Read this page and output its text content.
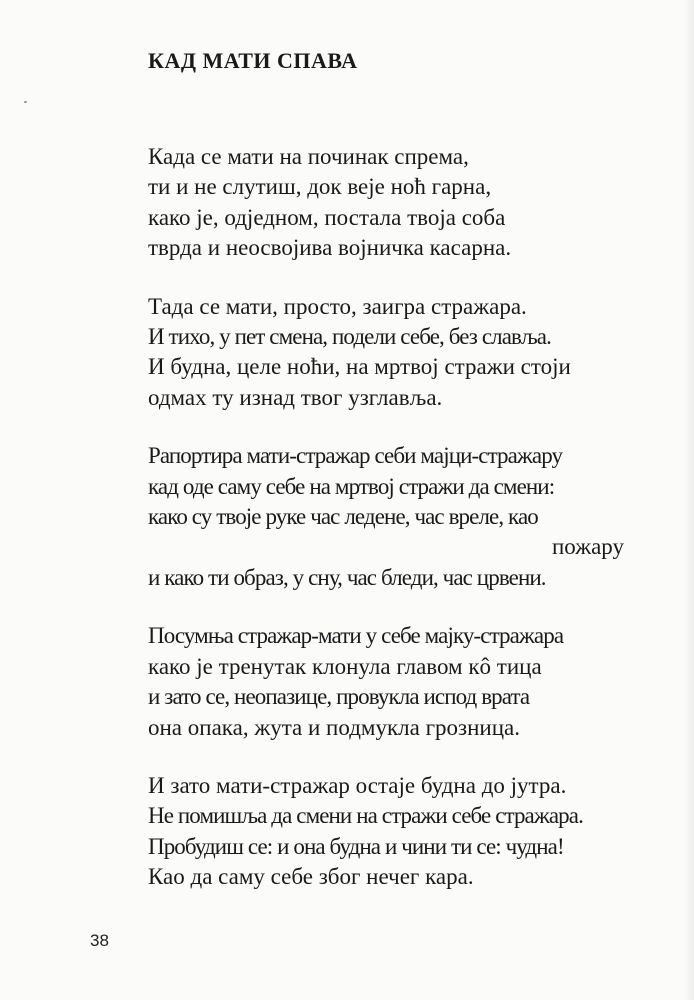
КАД МАТИ СПАВА
Када се мати на починак спрема,
ти и не слутиш, док веје ноћ гарна,
како је, одједном, постала твоја соба
тврда и неосвојива војничка касарна.
Тада се мати, просто, заигра стражара.
И тихо, у пет смена, подели себе, без славља.
И будна, целе ноћи, на мртвој стражи стоји
одмах ту изнад твог узглавља.
Рапортира мати-стражар себи мајци-стражару
кад оде саму себе на мртвој стражи да смени:
како су твоје руке час ледене, час вреле, као
пожару
и како ти образ, у сну, час бледи, час црвени.
Посумња стражар-мати у себе мајку-стражара
како је тренутак клонула главом кô тица
и зато се, неопазице, провукла испод врата
она опака, жута и подмукла грозница.
И зато мати-стражар остаје будна до јутра.
Не помишља да смени на стражи себе стражара.
Пробудиш се: и она будна и чини ти се: чудна!
Као да саму себе због нечег кара.
38
